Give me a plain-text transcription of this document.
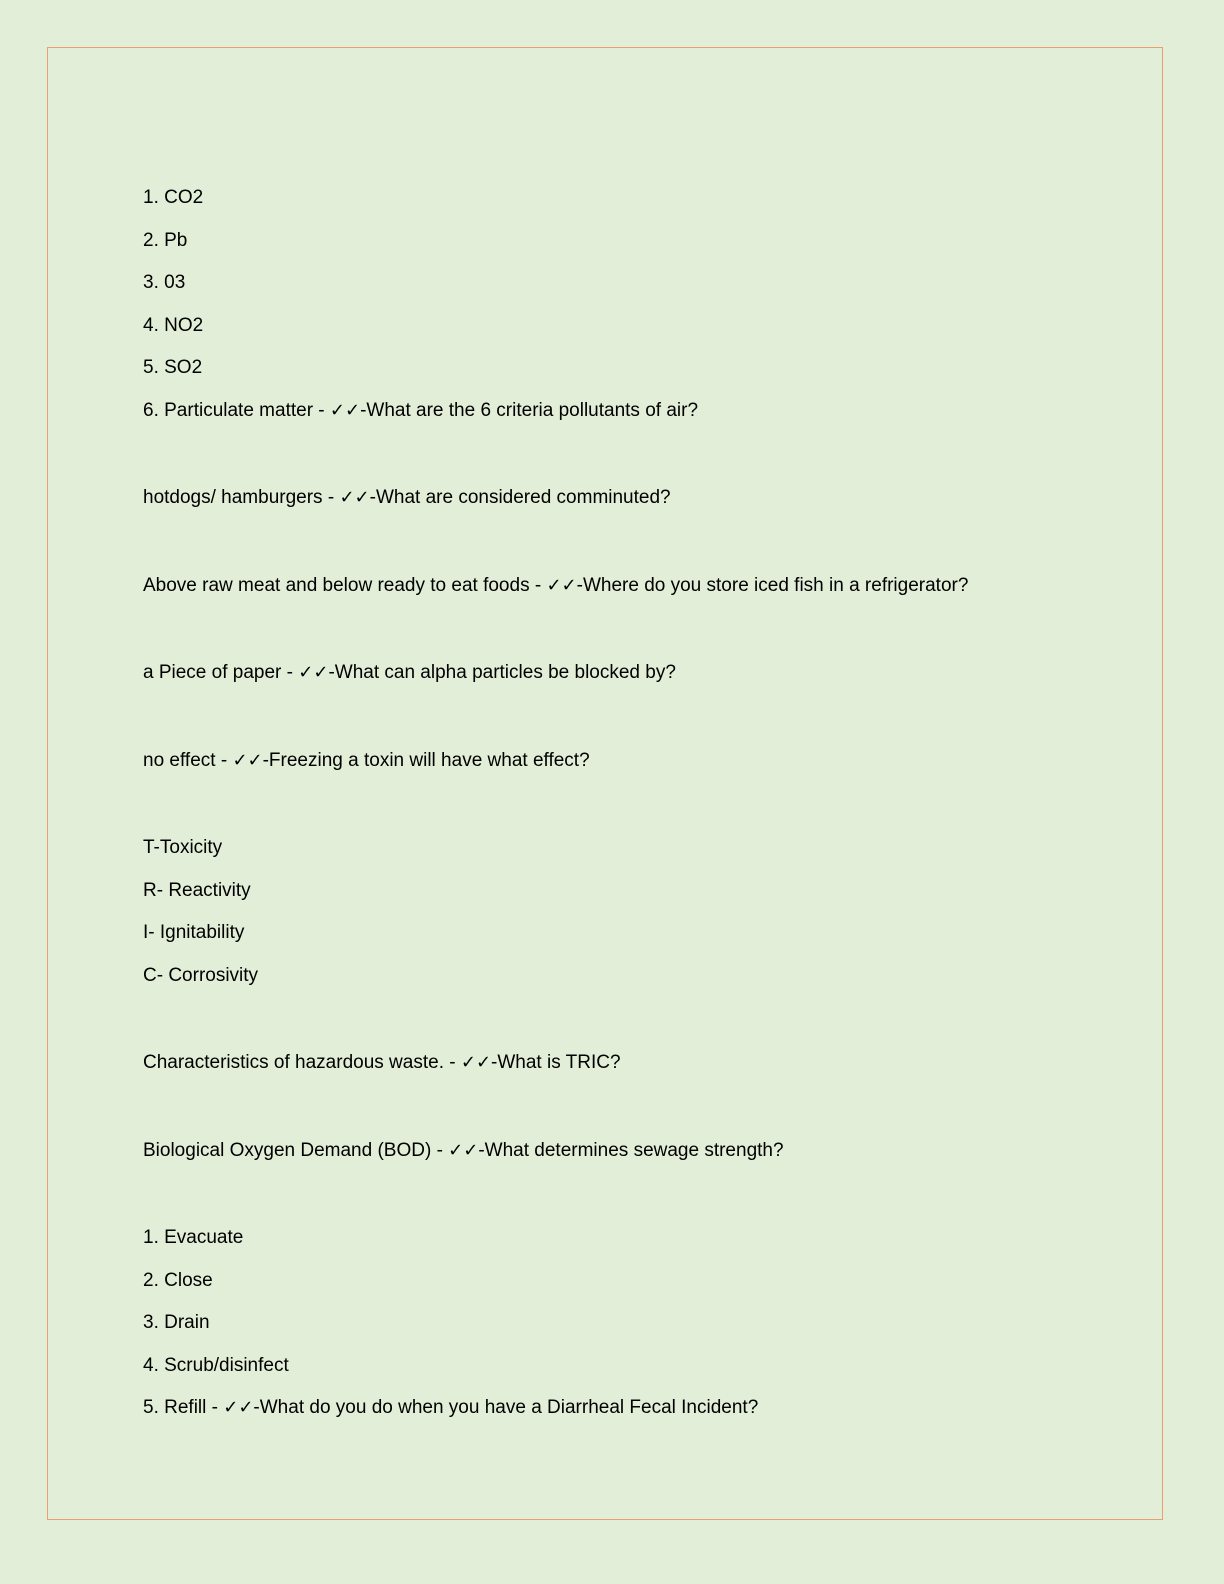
1. CO2
2. Pb
3. 03
4. NO2
5. SO2
6. Particulate matter - ✓✓-What are the 6 criteria pollutants of air?
hotdogs/ hamburgers - ✓✓-What are considered comminuted?
Above raw meat and below ready to eat foods - ✓✓-Where do you store iced fish in a refrigerator?
a Piece of paper - ✓✓-What can alpha particles be blocked by?
no effect - ✓✓-Freezing a toxin will have what effect?
T-Toxicity
R- Reactivity
I- Ignitability
C- Corrosivity
Characteristics of hazardous waste. - ✓✓-What is TRIC?
Biological Oxygen Demand (BOD) - ✓✓-What determines sewage strength?
1. Evacuate
2. Close
3. Drain
4. Scrub/disinfect
5. Refill - ✓✓-What do you do when you have a Diarrheal Fecal Incident?
